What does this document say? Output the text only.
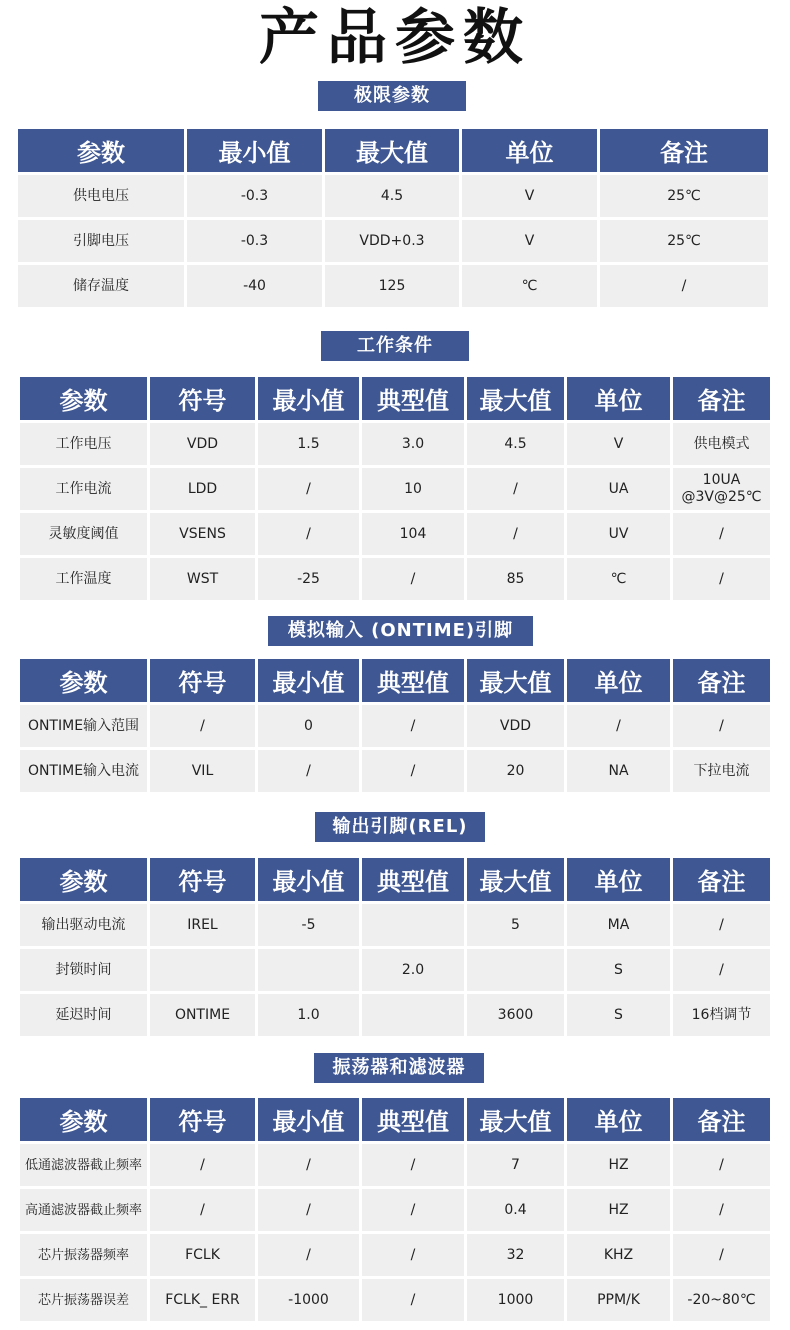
产品参数
极限参数
参数	最小值	最大值	单位	备注
供电电压	-0.3	4.5	V	25℃
引脚电压	-0.3	VDD+0.3	V	25℃
储存温度	-40	125	℃	/
工作条件
参数	符号	最小值	典型值	最大值	单位	备注
工作电压	VDD	1.5	3.0	4.5	V	供电模式
工作电流	LDD	/	10	/	UA	10UA
@3V@25℃
灵敏度阈值	VSENS	/	104	/	UV	/
工作温度	WST	-25	/	85	℃	/
模拟输入 (ONTIME)引脚
参数	符号	最小值	典型值	最大值	单位	备注
ONTIME输入范围	/	0	/	VDD	/	/
ONTIME输入电流	VIL	/	/	20	NA	下拉电流
输出引脚(REL)
参数	符号	最小值	典型值	最大值	单位	备注
输出驱动电流	IREL	-5		5	MA	/
封锁时间			2.0		S	/
延迟时间	ONTIME	1.0		3600	S	16档调节
振荡器和滤波器
参数	符号	最小值	典型值	最大值	单位	备注
低通滤波器截止频率	/	/	/	7	HZ	/
高通滤波器截止频率	/	/	/	0.4	HZ	/
芯片振荡器频率	FCLK	/	/	32	KHZ	/
芯片振荡器误差	FCLK_ ERR	-1000	/	1000	PPM/K	-20~80℃
